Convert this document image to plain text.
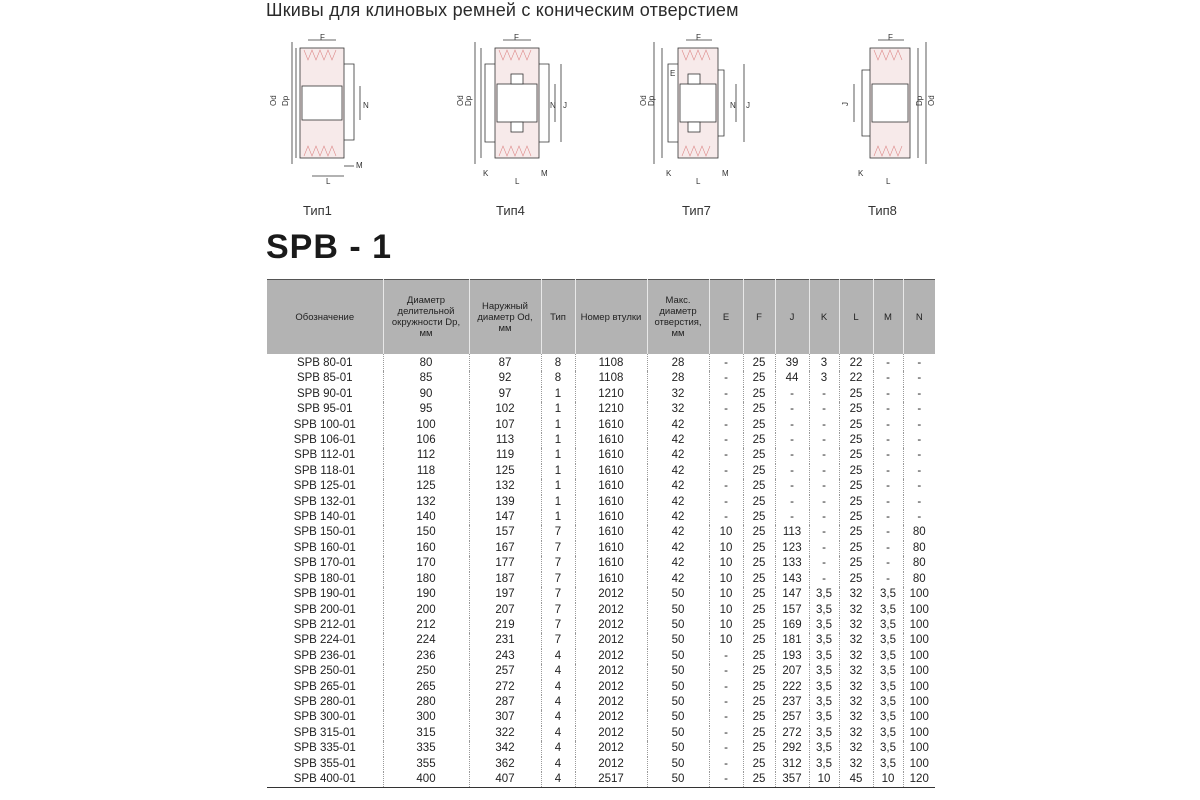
Шкивы для клиновых ремней с коническим отверстием
F
Od Dp	N
M
L
Тип1
F
Od Dp	N J
K
L
M
Тип4
F
E
Od Dp	N J
K
L
M
Тип7
F
J	Dp Od
K
L
Тип8
SPB - 1
Обозначение	Диаметр делительной окружности Dp, мм	Наружный диаметр Od, мм	Тип	Номер втулки	Макс. диаметр отверстия, мм	E	F	J	K	L	M	N
SPB 80-01	80	87	8	1108	28	-	25	39	3	22	-	-
SPB 85-01	85	92	8	1108	28	-	25	44	3	22	-	-
SPB 90-01	90	97	1	1210	32	-	25	-	-	25	-	-
SPB 95-01	95	102	1	1210	32	-	25	-	-	25	-	-
SPB 100-01	100	107	1	1610	42	-	25	-	-	25	-	-
SPB 106-01	106	113	1	1610	42	-	25	-	-	25	-	-
SPB 112-01	112	119	1	1610	42	-	25	-	-	25	-	-
SPB 118-01	118	125	1	1610	42	-	25	-	-	25	-	-
SPB 125-01	125	132	1	1610	42	-	25	-	-	25	-	-
SPB 132-01	132	139	1	1610	42	-	25	-	-	25	-	-
SPB 140-01	140	147	1	1610	42	-	25	-	-	25	-	-
SPB 150-01	150	157	7	1610	42	10	25	113	-	25	-	80
SPB 160-01	160	167	7	1610	42	10	25	123	-	25	-	80
SPB 170-01	170	177	7	1610	42	10	25	133	-	25	-	80
SPB 180-01	180	187	7	1610	42	10	25	143	-	25	-	80
SPB 190-01	190	197	7	2012	50	10	25	147	3,5	32	3,5	100
SPB 200-01	200	207	7	2012	50	10	25	157	3,5	32	3,5	100
SPB 212-01	212	219	7	2012	50	10	25	169	3,5	32	3,5	100
SPB 224-01	224	231	7	2012	50	10	25	181	3,5	32	3,5	100
SPB 236-01	236	243	4	2012	50	-	25	193	3,5	32	3,5	100
SPB 250-01	250	257	4	2012	50	-	25	207	3,5	32	3,5	100
SPB 265-01	265	272	4	2012	50	-	25	222	3,5	32	3,5	100
SPB 280-01	280	287	4	2012	50	-	25	237	3,5	32	3,5	100
SPB 300-01	300	307	4	2012	50	-	25	257	3,5	32	3,5	100
SPB 315-01	315	322	4	2012	50	-	25	272	3,5	32	3,5	100
SPB 335-01	335	342	4	2012	50	-	25	292	3,5	32	3,5	100
SPB 355-01	355	362	4	2012	50	-	25	312	3,5	32	3,5	100
SPB 400-01	400	407	4	2517	50	-	25	357	10	45	10	120
